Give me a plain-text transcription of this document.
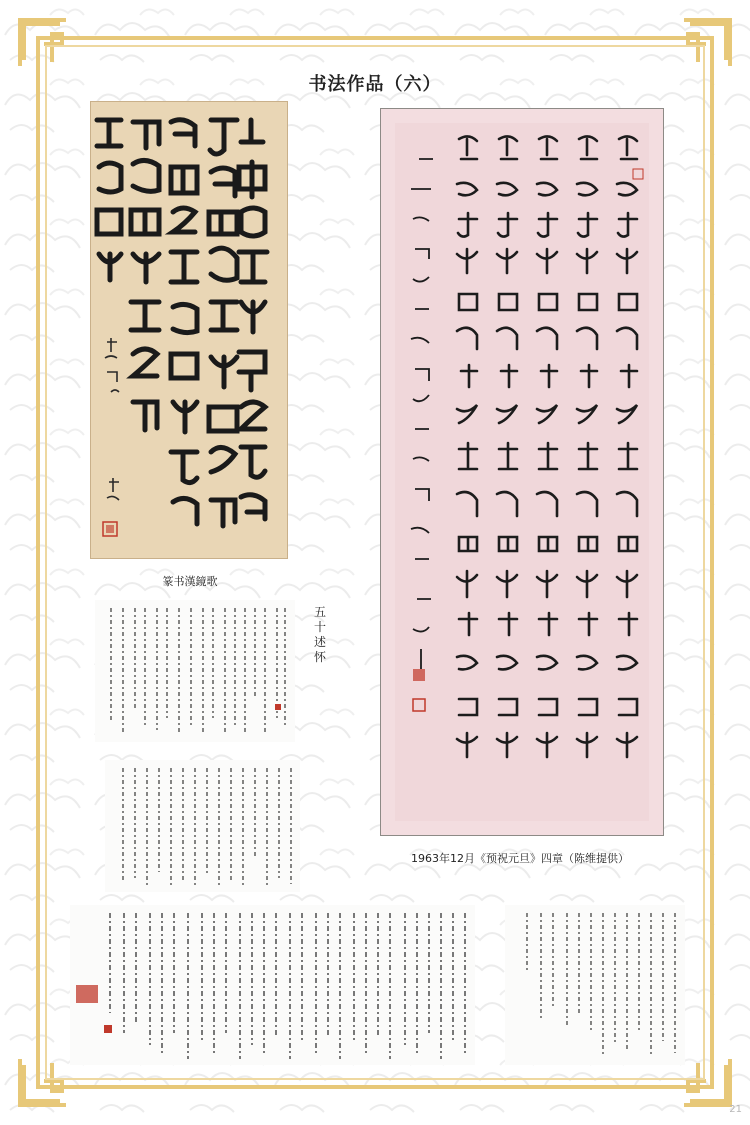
书法作品（六）
篆书漢鏡歌
1963年12月《预祝元旦》四章（陈维提供）
五十述怀
21
